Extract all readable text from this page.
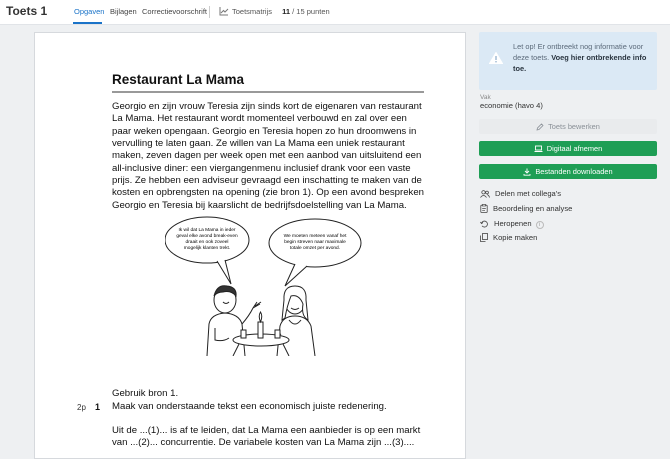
Toets 1	Opgaven Bijlagen Correctievoorschrift	Toetsmatrijs 11 / 15 punten
Restaurant La Mama
Georgio en zijn vrouw Teresia zijn sinds kort de eigenaren van restaurant
La Mama. Het restaurant wordt momenteel verbouwd en zal over een
paar weken opengaan. Georgio en Teresia hopen zo hun droomwens in
vervulling te laten gaan. Ze willen van La Mama een uniek restaurant
maken, zeven dagen per week open met een aanbod van uitsluitend een
all-inclusive diner: een viergangenmenu inclusief drank voor een vaste
prijs. Ze hebben een adviseur gevraagd een inschatting te maken van de
kosten en opbrengsten na opening (zie bron 1). Op een avond bespreken
Georgio en Teresia bij kaarslicht de bedrijfsdoelstelling van La Mama.
Ik wil dat La Mama in ieder
geval elke avond break-even
draait en ook zoveel
mogelijk klanten trekt.
We moeten meteen vanaf het
begin streven naar maximale
totale omzet per avond.
Gebruik bron 1.
2p 1 Maak van onderstaande tekst een economisch juiste redenering.
Uit de ...(1)... is af te leiden, dat La Mama een aanbieder is op een markt
van ...(2)... concurrentie. De variabele kosten van La Mama zijn ...(3)....
Let op! Er ontbreekt nog informatie voor deze toets. Voeg hier ontbrekende info toe.
Vak
economie (havo 4)
Toets bewerken
Digitaal afnemen
Bestanden downloaden
Delen met collega's
Beoordeling en analyse
Heropenen i
Kopie maken
